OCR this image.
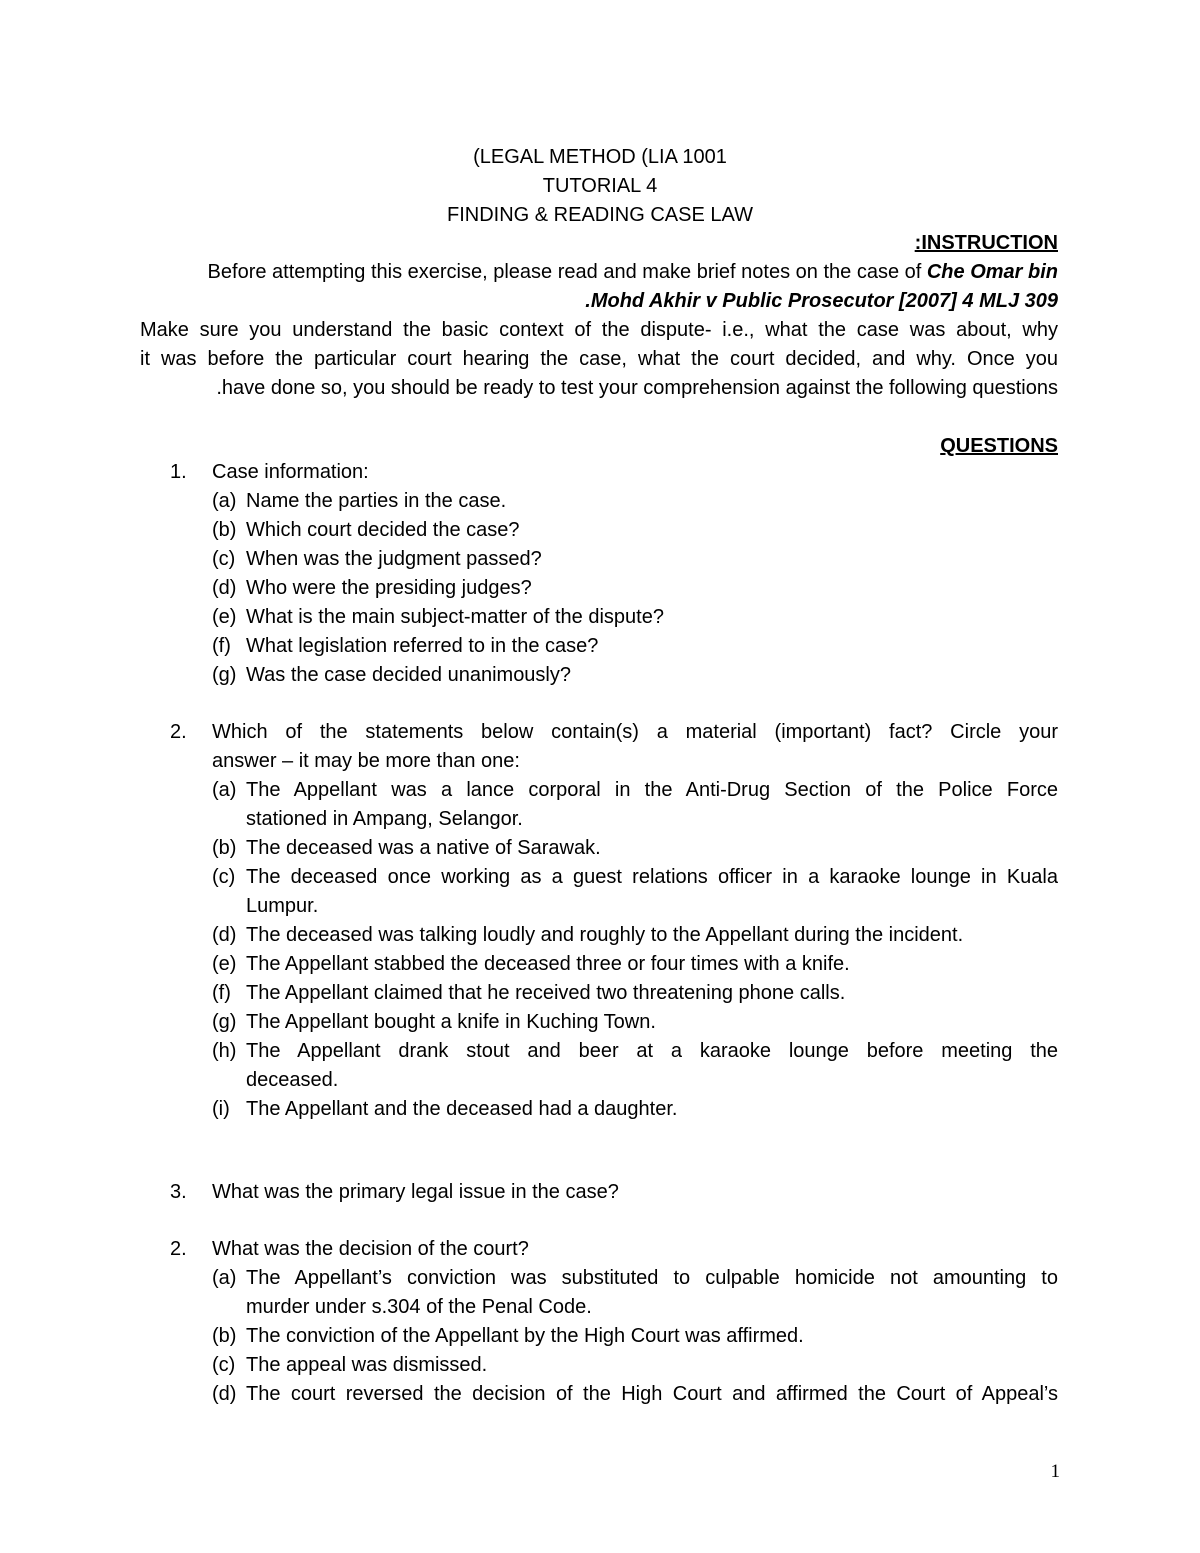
(LEGAL METHOD (LIA 1001
TUTORIAL 4
FINDING & READING CASE LAW
:INSTRUCTION
Before attempting this exercise, please read and make brief notes on the case of Che Omar bin
.Mohd Akhir v Public Prosecutor [2007] 4 MLJ 309
Make sure you understand the basic context of the dispute- i.e., what the case was about, why
it was before the particular court hearing the case, what the court decided, and why. Once you
.have done so, you should be ready to test your comprehension against the following questions
QUESTIONS
1.	Case information:
(a) Name the parties in the case.
(b) Which court decided the case?
(c) When was the judgment passed?
(d) Who were the presiding judges?
(e) What is the main subject-matter of the dispute?
(f) What legislation referred to in the case?
(g) Was the case decided unanimously?
2.	Which of the statements below contain(s) a material (important) fact? Circle your
answer – it may be more than one:
(a) The Appellant was a lance corporal in the Anti-Drug Section of the Police Force
stationed in Ampang, Selangor.
(b) The deceased was a native of Sarawak.
(c) The deceased once working as a guest relations officer in a karaoke lounge in Kuala
Lumpur.
(d) The deceased was talking loudly and roughly to the Appellant during the incident.
(e) The Appellant stabbed the deceased three or four times with a knife.
(f) The Appellant claimed that he received two threatening phone calls.
(g) The Appellant bought a knife in Kuching Town.
(h) The Appellant drank stout and beer at a karaoke lounge before meeting the
deceased.
(i) The Appellant and the deceased had a daughter.
3.	What was the primary legal issue in the case?
2.	What was the decision of the court?
(a) The Appellant’s conviction was substituted to culpable homicide not amounting to
murder under s.304 of the Penal Code.
(b) The conviction of the Appellant by the High Court was affirmed.
(c) The appeal was dismissed.
(d) The court reversed the decision of the High Court and affirmed the Court of Appeal’s
1
